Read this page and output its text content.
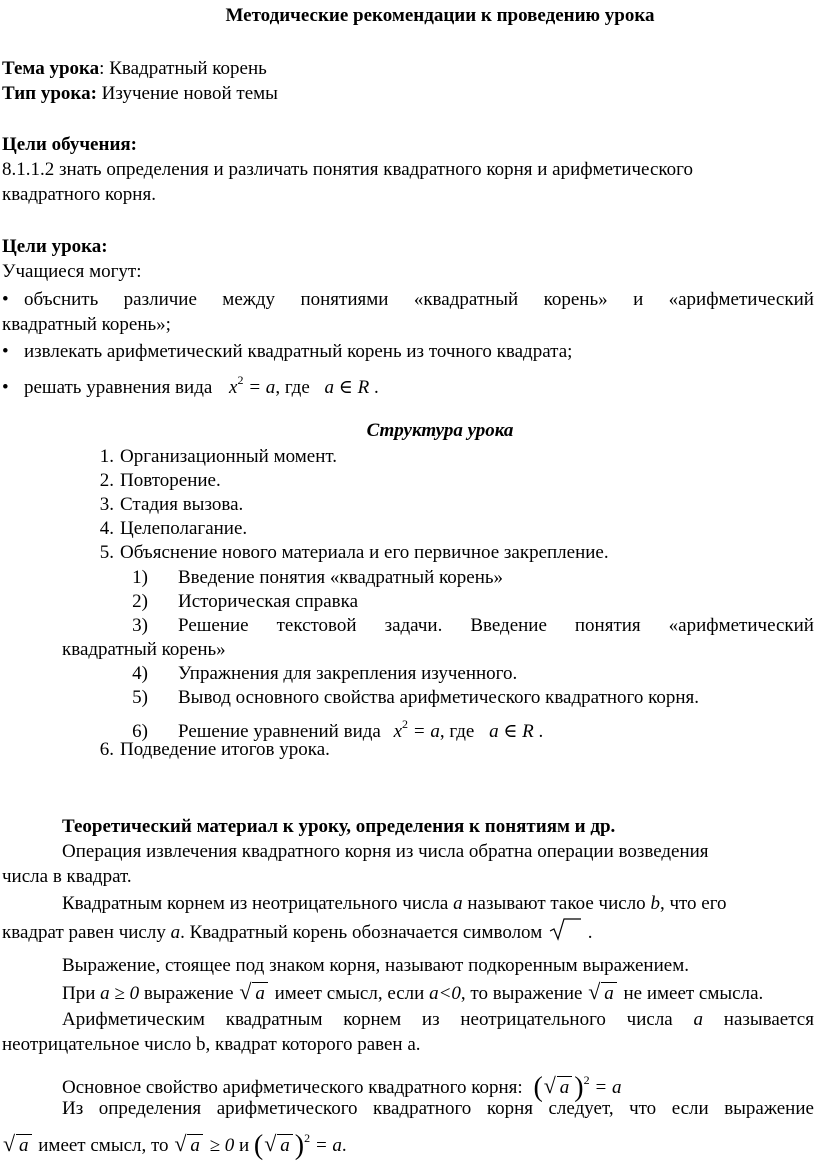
Методические рекомендации к проведению урока
Тема урока: Квадратный корень
Тип урока: Изучение новой темы
Цели обучения:
8.1.1.2 знать определения и различать понятия квадратного корня и арифметического
квадратного корня.
Цели урока:
Учащиеся могут:
• объснить различие между понятиями «квадратный корень» и «арифметический
квадратный корень»;
• извлекать арифметический квадратный корень из точного квадрата;
• решать уравнения вида $x^2 = a$, где a ∈ R .
Структура урока
1. Организационный момент.
2. Повторение.
3. Стадия вызова.
4. Целеполагание.
5. Объяснение нового материала и его первичное закрепление.
1) Введение понятия «квадратный корень»
2) Историческая справка
3) Решение текстовой задачи. Введение понятия «арифметический
квадратный корень»
4) Упражнения для закрепления изученного.
5) Вывод основного свойства арифметического квадратного корня.
6) Решение уравнений вида $x^2 = a$, где a ∈ R .
6. Подведение итогов урока.
Теоретический материал к уроку, определения к понятиям и др.
Операция извлечения квадратного корня из числа обратна операции возведения
числа в квадрат.
Квадратным корнем из неотрицательного числа a называют такое число b, что его
квадрат равен числу a. Квадратный корень обозначается символом .
Выражение, стоящее под знаком корня, называют подкоренным выражением.
При a ≥ 0 выражение √ a имеет смысл, если a<0, то выражение √ a не имеет смысла.
Арифметическим квадратным корнем из неотрицательного числа a называется
неотрицательное число b, квадрат которого равен a.
Основное свойство арифметического квадратного корня: ( √ a )$^2$ = a
Из определения арифметического квадратного корня следует, что если выражение
√ a имеет смысл, то √ a ≥ 0 и ( √ a )$^2$ = a.
